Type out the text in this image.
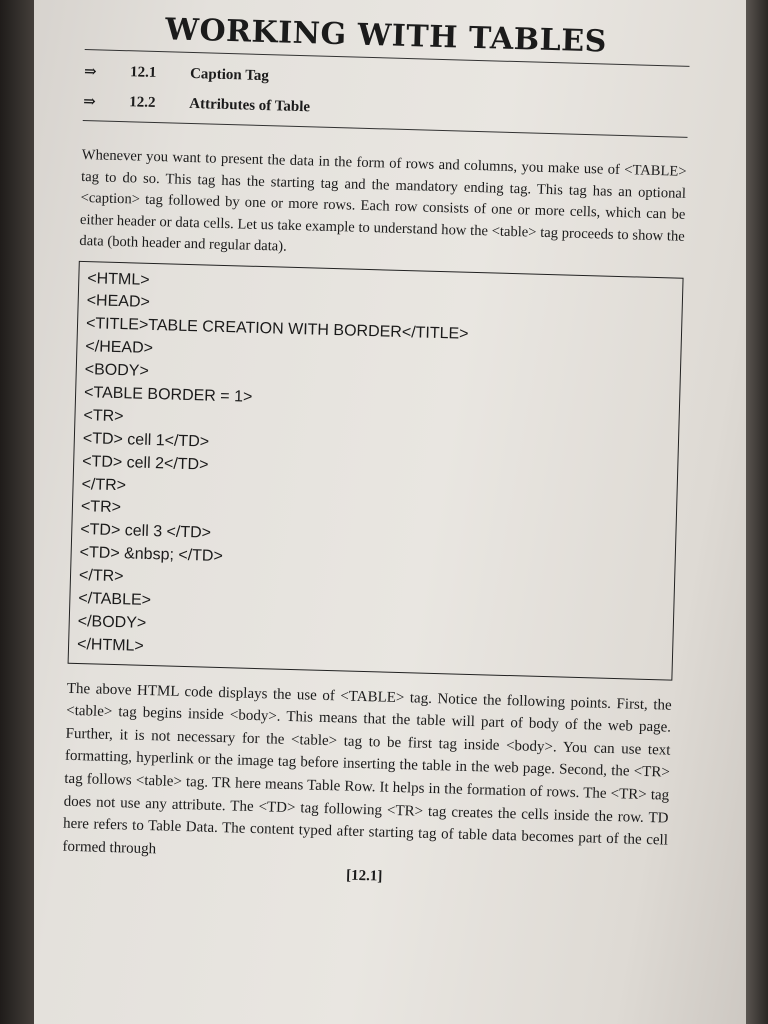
WORKING WITH TABLES
⇒	12.1	Caption Tag
⇒	12.2	Attributes of Table

Whenever you want to present the data in the form of rows and columns, you make use of <TABLE> tag to do so. This tag has the starting tag and the mandatory ending tag. This tag has an optional <caption> tag followed by one or more rows. Each row consists of one or more cells, which can be either header or data cells. Let us take example to understand how the <table> tag proceeds to show the data (both header and regular data).

<HTML>
<HEAD>
<TITLE>TABLE CREATION WITH BORDER</TITLE>
</HEAD>
<BODY>
<TABLE BORDER = 1>
<TR>
<TD> cell 1</TD>
<TD> cell 2</TD>
</TR>
<TR>
<TD> cell 3 </TD>
<TD> &nbsp; </TD>
</TR>
</TABLE>
</BODY>
</HTML>

The above HTML code displays the use of <TABLE> tag. Notice the following points. First, the <table> tag begins inside <body>. This means that the table will part of body of the web page. Further, it is not necessary for the <table> tag to be first tag inside <body>. You can use text formatting, hyperlink or the image tag before inserting the table in the web page. Second, the <TR> tag follows <table> tag. TR here means Table Row. It helps in the formation of rows. The <TR> tag does not use any attribute. The <TD> tag following <TR> tag creates the cells inside the row. TD here refers to Table Data. The content typed after starting tag of table data becomes part of the cell formed through

[12.1]
